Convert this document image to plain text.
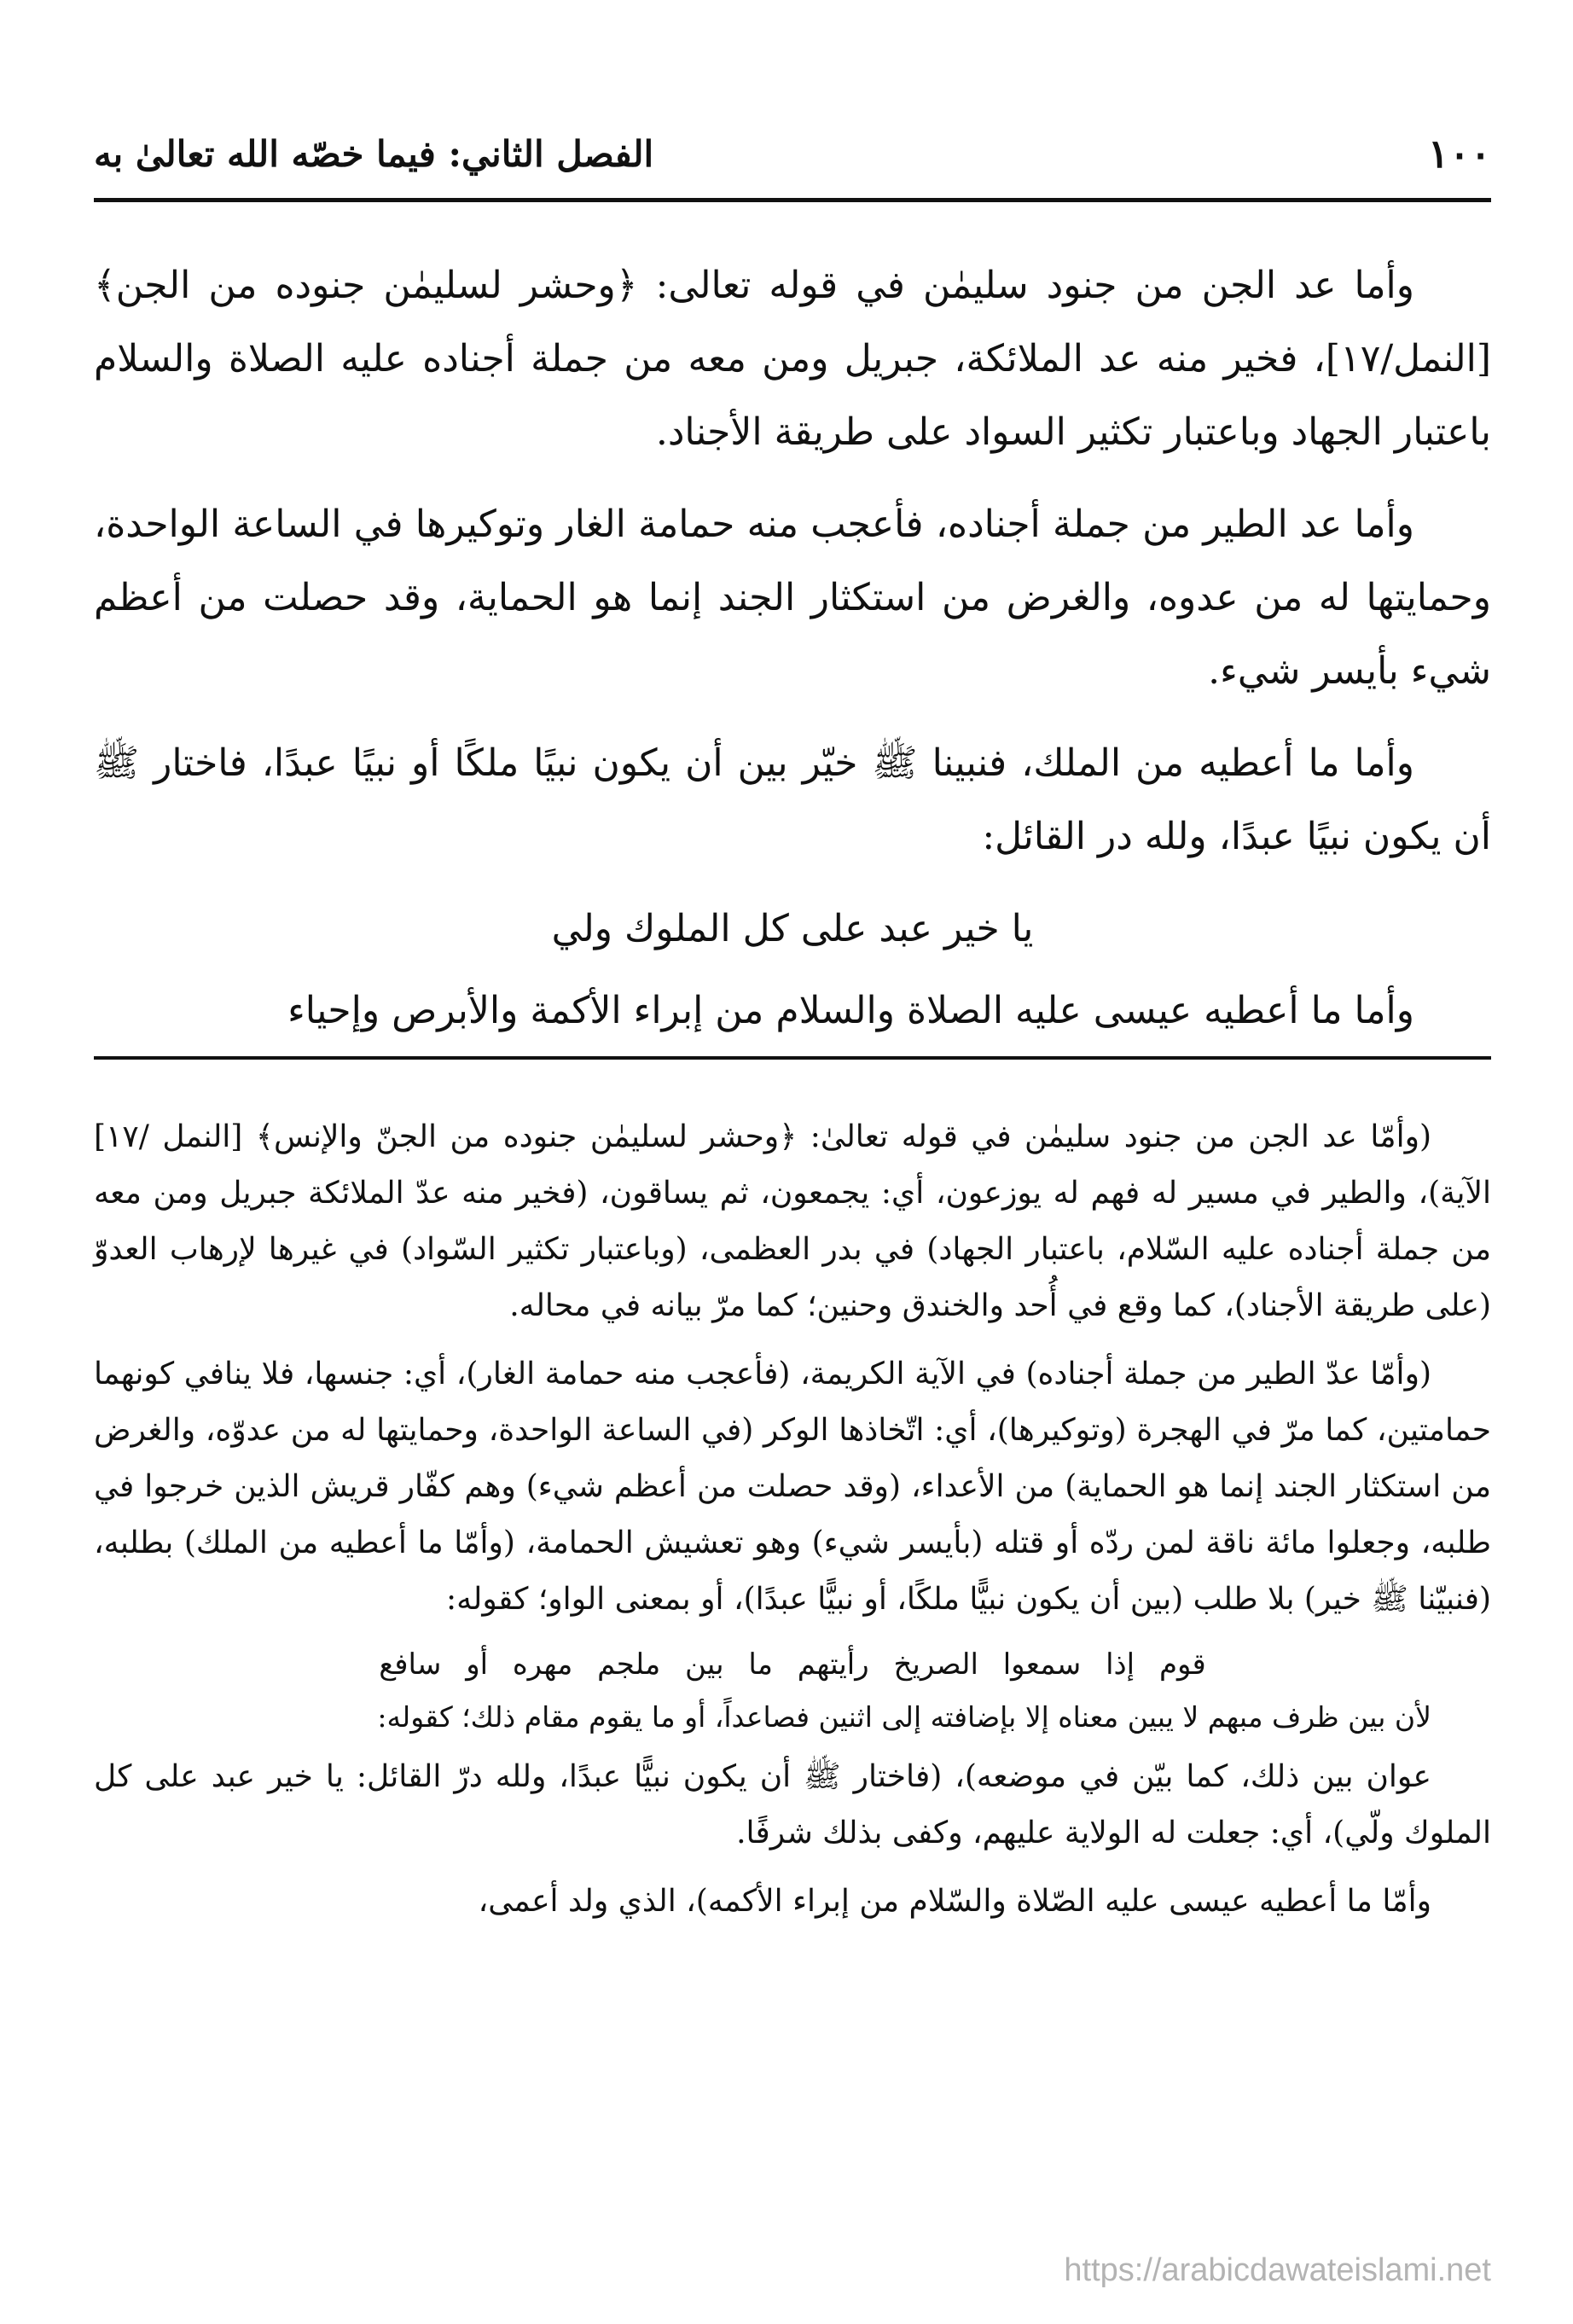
١٠٠
الفصل الثاني: فيما خصّه الله تعالىٰ به

وأما عد الجن من جنود سليمٰن في قوله تعالى: ﴿وحشر لسليمٰن جنوده من الجن﴾ [النمل/١٧]، فخير منه عد الملائكة، جبريل ومن معه من جملة أجناده عليه الصلاة والسلام باعتبار الجهاد وباعتبار تكثير السواد على طريقة الأجناد.

وأما عد الطير من جملة أجناده، فأعجب منه حمامة الغار وتوكيرها في الساعة الواحدة، وحمايتها له من عدوه، والغرض من استكثار الجند إنما هو الحماية، وقد حصلت من أعظم شيء بأيسر شيء.

وأما ما أعطيه من الملك، فنبينا ﷺ خيّر بين أن يكون نبيًا ملكًا أو نبيًا عبدًا، فاختار ﷺ أن يكون نبيًا عبدًا، ولله در القائل:

يا خير عبد على كل الملوك ولي

وأما ما أعطيه عيسى عليه الصلاة والسلام من إبراء الأكمة والأبرص وإحياء

(وأمّا عد الجن من جنود سليمٰن في قوله تعالىٰ: ﴿وحشر لسليمٰن جنوده من الجنّ والإنس﴾ [النمل /١٧] الآية)، والطير في مسير له فهم له يوزعون، أي: يجمعون، ثم يساقون، (فخير منه عدّ الملائكة جبريل ومن معه من جملة أجناده عليه السّلام، باعتبار الجهاد) في بدر العظمى، (وباعتبار تكثير السّواد) في غيرها لإرهاب العدوّ (على طريقة الأجناد)، كما وقع في أُحد والخندق وحنين؛ كما مرّ بيانه في محاله.

(وأمّا عدّ الطير من جملة أجناده) في الآية الكريمة، (فأعجب منه حمامة الغار)، أي: جنسها، فلا ينافي كونهما حمامتين، كما مرّ في الهجرة (وتوكيرها)، أي: اتّخاذها الوكر (في الساعة الواحدة، وحمايتها له من عدوّه، والغرض من استكثار الجند إنما هو الحماية) من الأعداء، (وقد حصلت من أعظم شيء) وهم كفّار قريش الذين خرجوا في طلبه، وجعلوا مائة ناقة لمن ردّه أو قتله (بأيسر شيء) وهو تعشيش الحمامة، (وأمّا ما أعطيه من الملك) بطلبه، (فنبيّنا ﷺ خير) بلا طلب (بين أن يكون نبيًّا ملكًا، أو نبيًّا عبدًا)، أو بمعنى الواو؛ كقوله:

قوم إذا سمعوا الصريخ رأيتهم ما بين ملجم مهره أو سافع

لأن بين ظرف مبهم لا يبين معناه إلا بإضافته إلى اثنين فصاعداً، أو ما يقوم مقام ذلك؛ كقوله:

عوان بين ذلك، كما بيّن في موضعه)، (فاختار ﷺ أن يكون نبيًّا عبدًا، ولله درّ القائل: يا خير عبد على كل الملوك ولّي)، أي: جعلت له الولاية عليهم، وكفى بذلك شرفًا.

وأمّا ما أعطيه عيسى عليه الصّلاة والسّلام من إبراء الأكمه)، الذي ولد أعمى،

https://arabicdawateislami.net
